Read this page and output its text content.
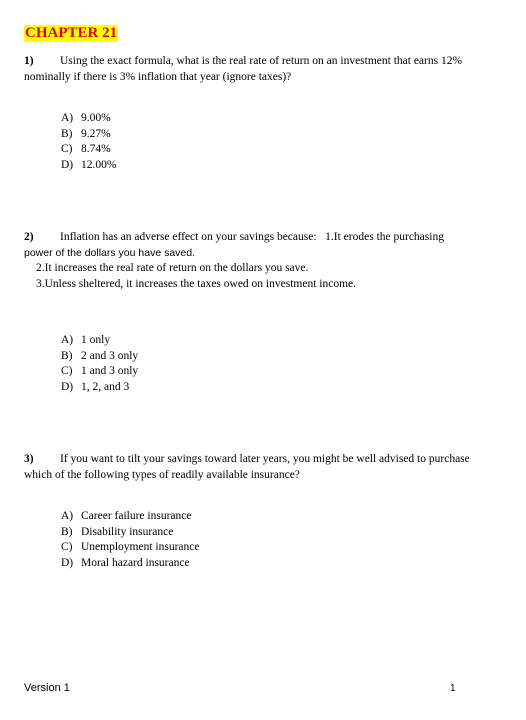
CHAPTER 21
1) Using the exact formula, what is the real rate of return on an investment that earns 12%
nominally if there is 3% inflation that year (ignore taxes)?
A) 9.00%
B) 9.27%
C) 8.74%
D) 12.00%
2) Inflation has an adverse effect on your savings because: 1.It erodes the purchasing
power of the dollars you have saved.
2.It increases the real rate of return on the dollars you save.
3.Unless sheltered, it increases the taxes owed on investment income.
A) 1 only
B) 2 and 3 only
C) 1 and 3 only
D) 1, 2, and 3
3) If you want to tilt your savings toward later years, you might be well advised to purchase
which of the following types of readily available insurance?
A) Career failure insurance
B) Disability insurance
C) Unemployment insurance
D) Moral hazard insurance
Version 1	1
